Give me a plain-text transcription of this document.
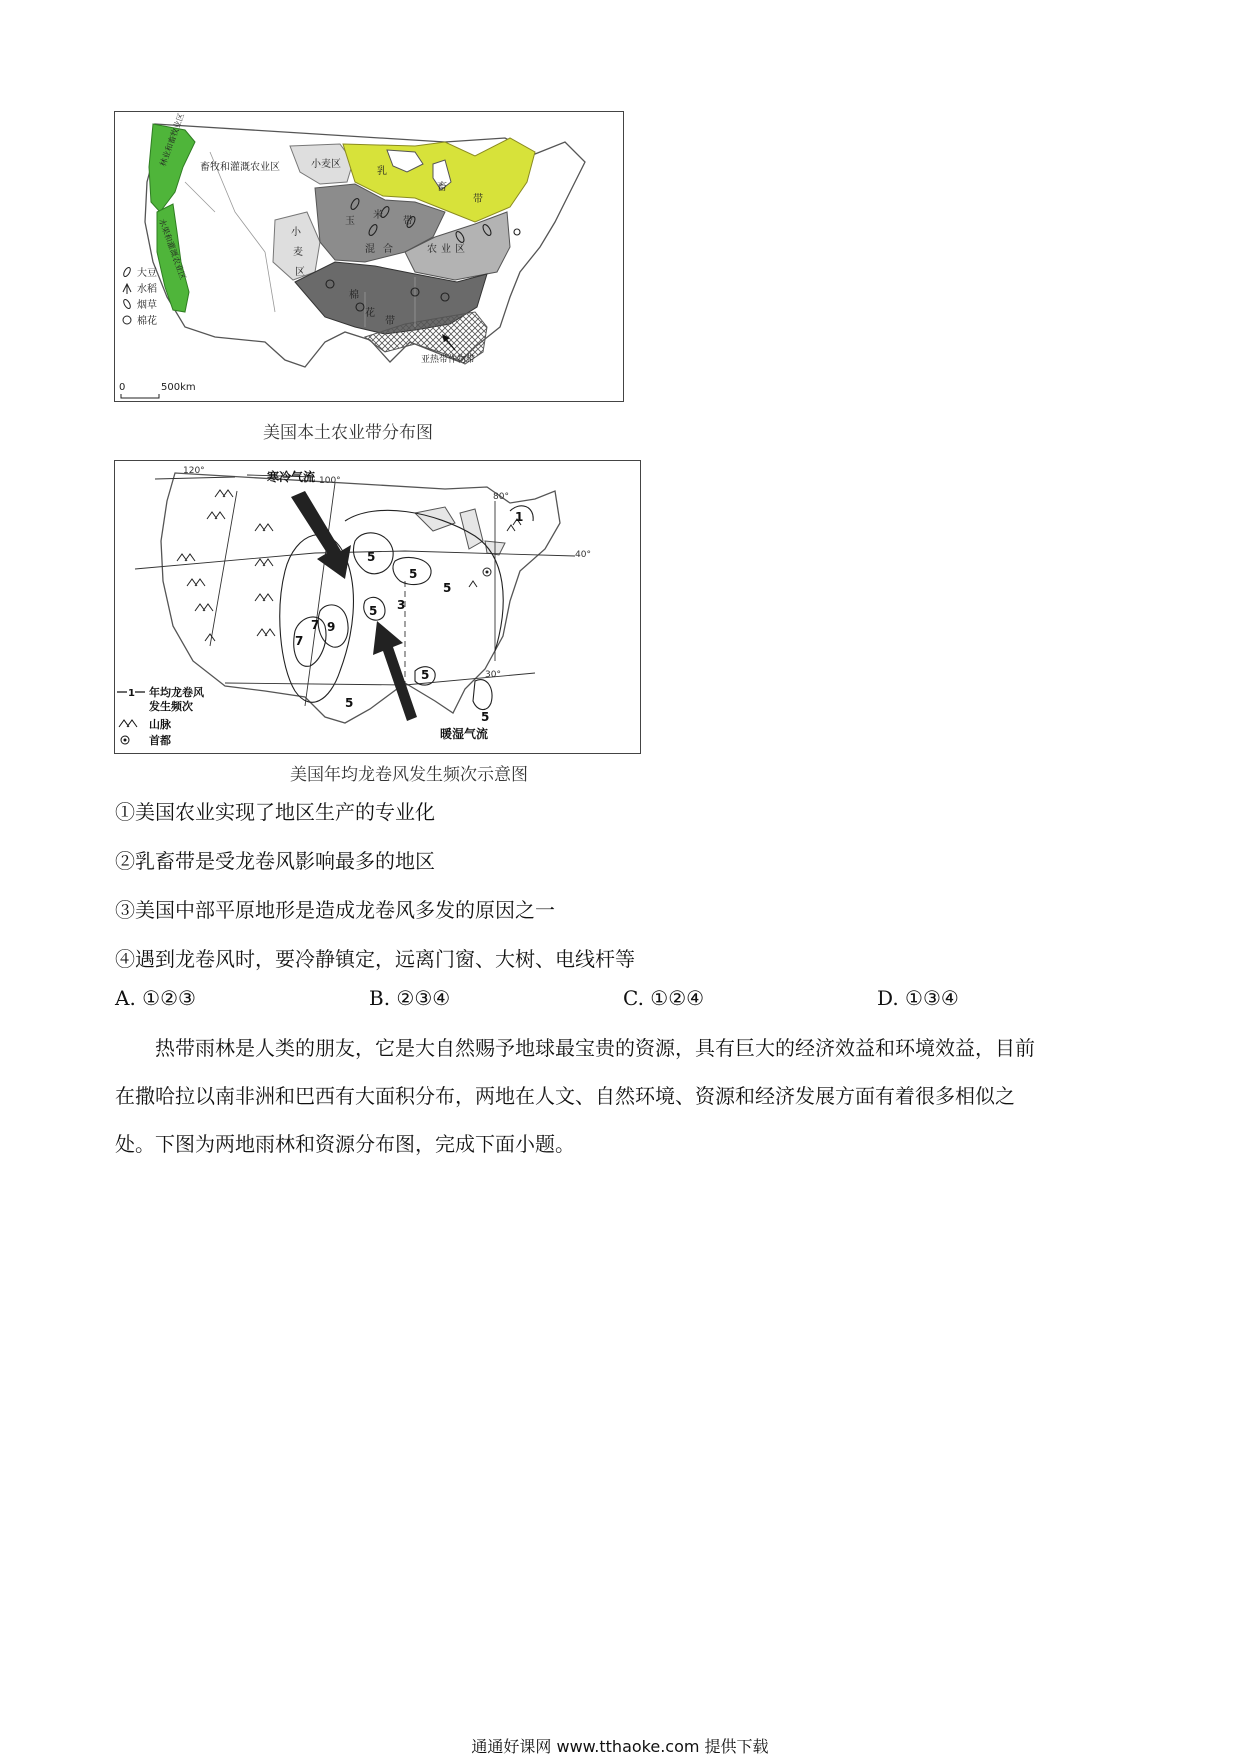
畜牧和灌溉农业区	小麦区
小
麦
区
乳
畜
带
玉
米
带
混 合	农 业 区
棉
花
带
亚热带作物带
林业和畜牧业区
水果和灌溉农业区
大豆
水稻
烟草
棉花
0	500km
美国本土农业带分布图
寒冷气流
暖湿气流
5
5
5
5
3
7
7 9
5
5
5
1
120°
100°
80°
40°
30°
1 年均龙卷风
发生频次
山脉
首都
美国年均龙卷风发生频次示意图
①美国农业实现了地区生产的专业化
②乳畜带是受龙卷风影响最多的地区
③美国中部平原地形是造成龙卷风多发的原因之一
④遇到龙卷风时，要冷静镇定，远离门窗、大树、电线杆等
A. ①②③	B. ②③④	C. ①②④	D. ①③④

热带雨林是人类的朋友，它是大自然赐予地球最宝贵的资源，具有巨大的经济效益和环境效益，目前

在撒哈拉以南非洲和巴西有大面积分布，两地在人文、自然环境、资源和经济发展方面有着很多相似之

处。下图为两地雨林和资源分布图，完成下面小题。

通通好课网 www.tthaoke.com 提供下载
